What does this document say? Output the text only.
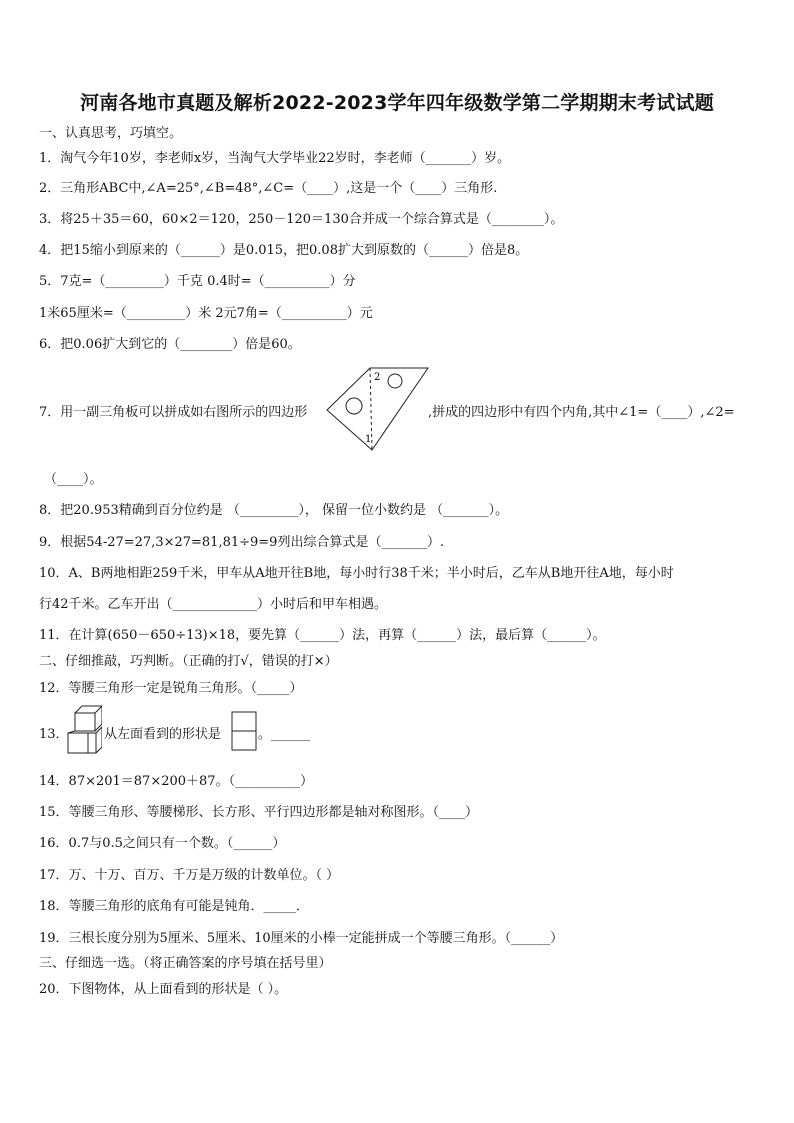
河南各地市真题及解析2022-2023学年四年级数学第二学期期末考试试题
一、认真思考，巧填空。
1．淘气今年10岁，李老师x岁，当淘气大学毕业22岁时，李老师（_______）岁。
2．三角形ABC中,∠A=25°,∠B=48°,∠C=（____）,这是一个（____）三角形.
3．将25＋35＝60，60×2＝120，250－120＝130合并成一个综合算式是（________）。
4．把15缩小到原来的（______）是0.015，把0.08扩大到原数的（______）倍是8。
5．7克=（_________）千克 0.4时=（__________）分
1米65厘米=（_________）米 2元7角=（__________）元
6．把0.06扩大到它的（________）倍是60。
7．用一副三角板可以拼成如右图所示的四边形
2
1
,拼成的四边形中有四个内角,其中∠1=（____）,∠2=
（____）。
8．把20.953精确到百分位约是 （_________）， 保留一位小数约是 （_______）。
9．根据54-27=27,3×27=81,81÷9=9列出综合算式是（_______）.
10．A、B两地相距259千米，甲车从A地开往B地，每小时行38千米；半小时后，乙车从B地开往A地，每小时
行42千米。乙车开出（_____________）小时后和甲车相遇。
11．在计算(650－650÷13)×18，要先算（______）法，再算（______）法，最后算（______）。
二、仔细推敲，巧判断。（正确的打√，错误的打×）
12．等腰三角形一定是锐角三角形。（_____）
13．	从左面看到的形状是	。______
14．87×201＝87×200＋87。（__________）
15．等腰三角形、等腰梯形、长方形、平行四边形都是轴对称图形。（____）
16．0.7与0.5之间只有一个数。（______）
17．万、十万、百万、千万是万级的计数单位。（ ）
18．等腰三角形的底角有可能是钝角．_____．
19．三根长度分别为5厘米、5厘米、10厘米的小棒一定能拼成一个等腰三角形。（______）
三、仔细选一选。（将正确答案的序号填在括号里）
20．下图物体，从上面看到的形状是（ ）。
